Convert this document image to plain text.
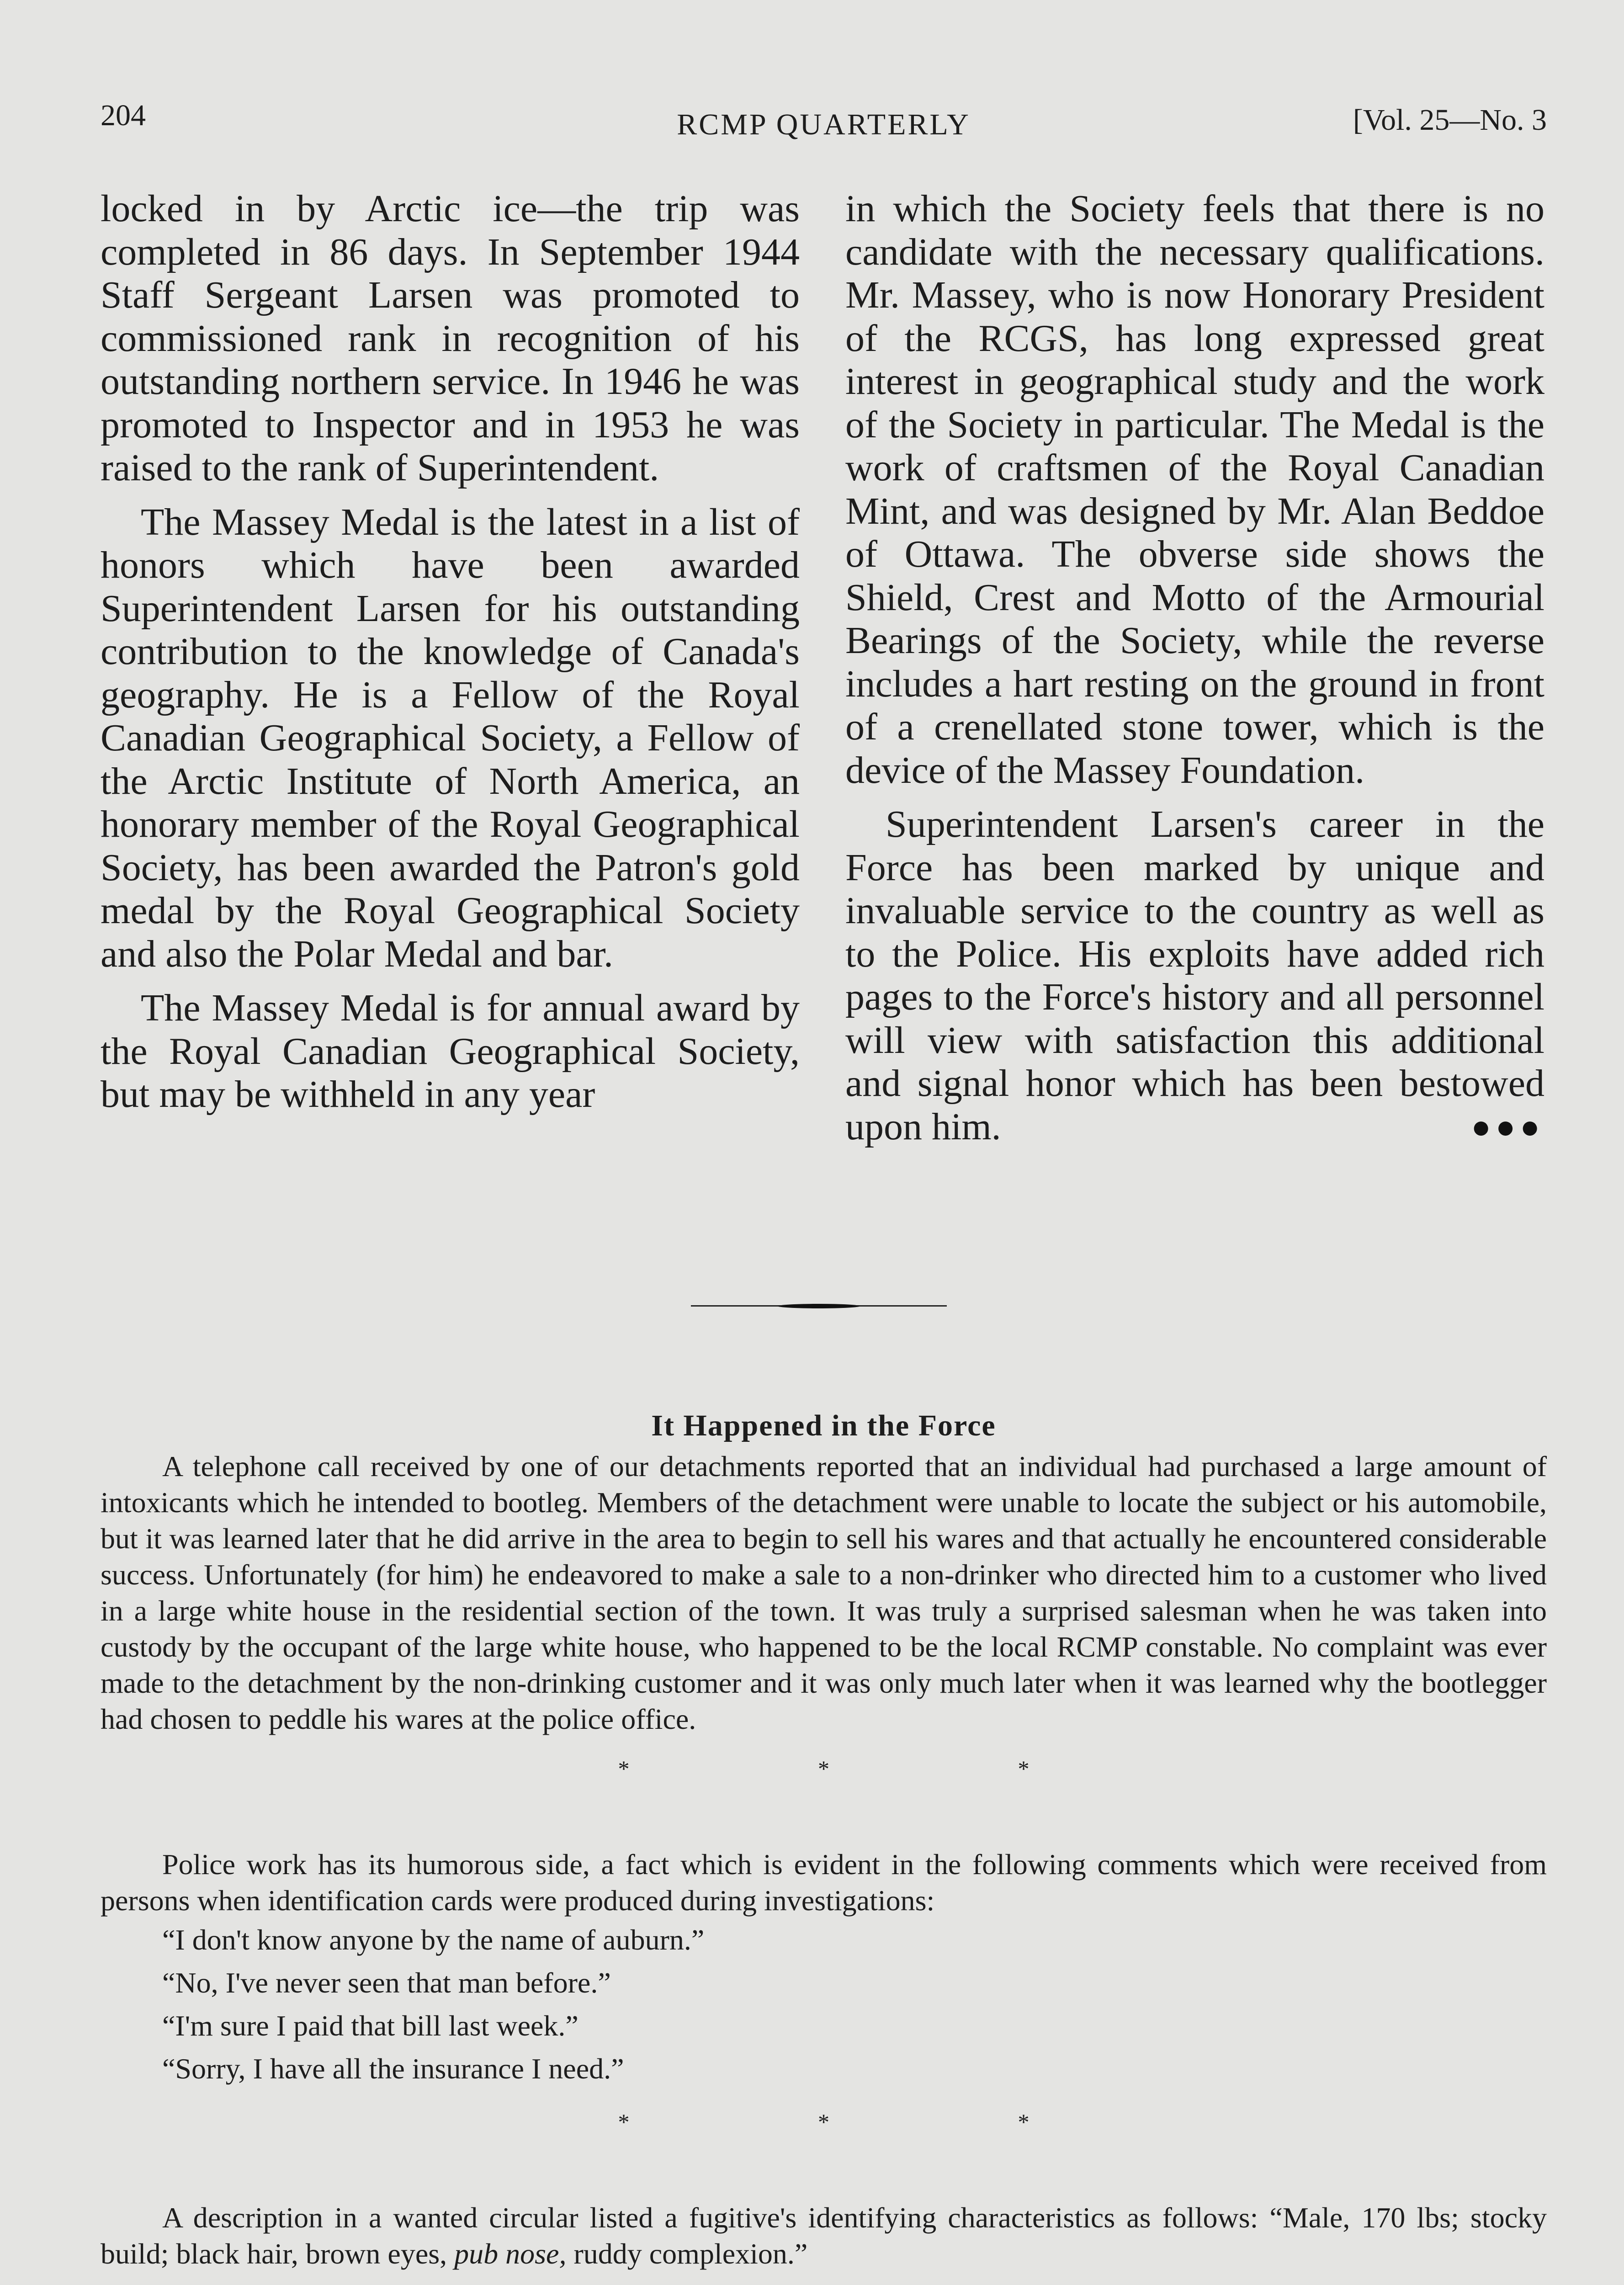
204	RCMP QUARTERLY	[Vol. 25—No. 3

locked in by Arctic ice—the trip was completed in 86 days. In September 1944 Staff Sergeant Larsen was promoted to commissioned rank in recognition of his outstanding northern service. In 1946 he was promoted to Inspector and in 1953 he was raised to the rank of Superintendent.

The Massey Medal is the latest in a list of honors which have been awarded Superintendent Larsen for his outstanding contribution to the knowledge of Canada's geography. He is a Fellow of the Royal Canadian Geographical Society, a Fellow of the Arctic Institute of North America, an honorary member of the Royal Geographical Society, has been awarded the Patron's gold medal by the Royal Geographical Society and also the Polar Medal and bar.

The Massey Medal is for annual award by the Royal Canadian Geographical Society, but may be withheld in any year

in which the Society feels that there is no candidate with the necessary qualifications. Mr. Massey, who is now Honorary President of the RCGS, has long expressed great interest in geographical study and the work of the Society in particular. The Medal is the work of craftsmen of the Royal Canadian Mint, and was designed by Mr. Alan Beddoe of Ottawa. The obverse side shows the Shield, Crest and Motto of the Armourial Bearings of the Society, while the reverse includes a hart resting on the ground in front of a crenellated stone tower, which is the device of the Massey Foundation.

Superintendent Larsen's career in the Force has been marked by unique and invaluable service to the country as well as to the Police. His exploits have added rich pages to the Force's history and all personnel will view with satisfaction this additional and signal honor which has been bestowed upon him.	●●●

It Happened in the Force

A telephone call received by one of our detachments reported that an individual had purchased a large amount of intoxicants which he intended to bootleg. Members of the detachment were unable to locate the subject or his automobile, but it was learned later that he did arrive in the area to begin to sell his wares and that actually he encountered considerable success. Unfortunately (for him) he endeavored to make a sale to a non-drinker who directed him to a customer who lived in a large white house in the residential section of the town. It was truly a surprised salesman when he was taken into custody by the occupant of the large white house, who happened to be the local RCMP constable. No complaint was ever made to the detachment by the non-drinking customer and it was only much later when it was learned why the bootlegger had chosen to peddle his wares at the police office.

* * *

Police work has its humorous side, a fact which is evident in the following comments which were received from persons when identification cards were produced during investigations:

“I don't know anyone by the name of auburn.”

“No, I've never seen that man before.”

“I'm sure I paid that bill last week.”

“Sorry, I have all the insurance I need.”

* * *

A description in a wanted circular listed a fugitive's identifying characteristics as follows: “Male, 170 lbs; stocky build; black hair, brown eyes, pub nose, ruddy complexion.”
